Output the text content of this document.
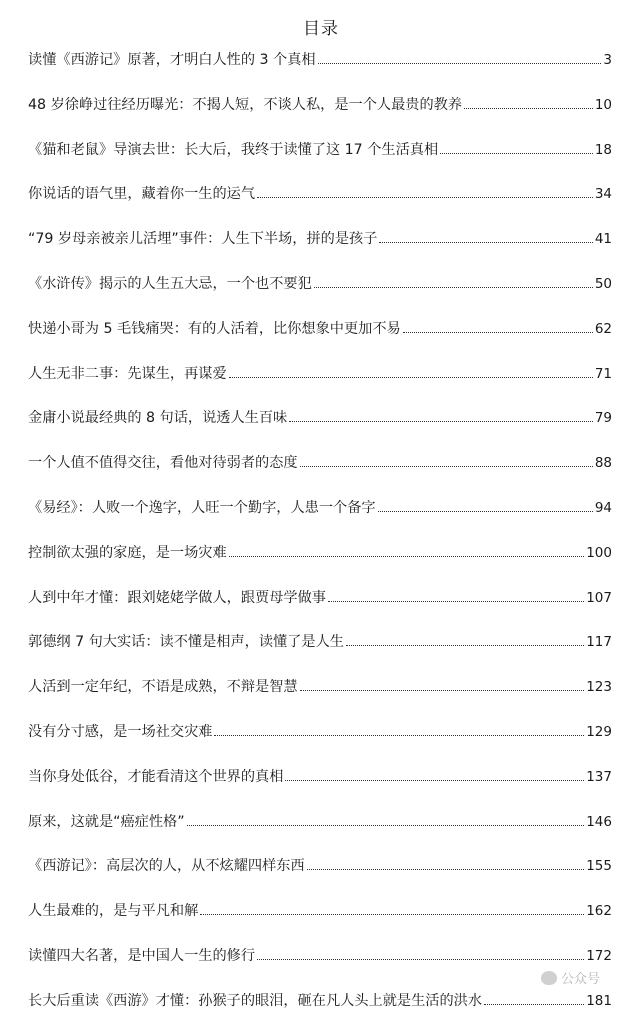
目录
读懂《西游记》原著，才明白人性的 3 个真相	3
48 岁徐峥过往经历曝光：不揭人短，不谈人私，是一个人最贵的教养	10
《猫和老鼠》导演去世：长大后，我终于读懂了这 17 个生活真相	18
你说话的语气里，藏着你一生的运气	34
“79 岁母亲被亲儿活埋”事件：人生下半场，拼的是孩子	41
《水浒传》揭示的人生五大忌，一个也不要犯	50
快递小哥为 5 毛钱痛哭：有的人活着，比你想象中更加不易	62
人生无非二事：先谋生，再谋爱	71
金庸小说最经典的 8 句话，说透人生百味	79
一个人值不值得交往，看他对待弱者的态度	88
《易经》：人败一个逸字，人旺一个勤字，人患一个备字	94
控制欲太强的家庭，是一场灾难	100
人到中年才懂：跟刘姥姥学做人，跟贾母学做事	107
郭德纲 7 句大实话：读不懂是相声，读懂了是人生	117
人活到一定年纪，不语是成熟，不辩是智慧	123
没有分寸感，是一场社交灾难	129
当你身处低谷，才能看清这个世界的真相	137
原来，这就是“癌症性格”	146
《西游记》：高层次的人，从不炫耀四样东西	155
人生最难的，是与平凡和解	162
读懂四大名著，是中国人一生的修行	172
长大后重读《西游》才懂：孙猴子的眼泪，砸在凡人头上就是生活的洪水	181
公众号
